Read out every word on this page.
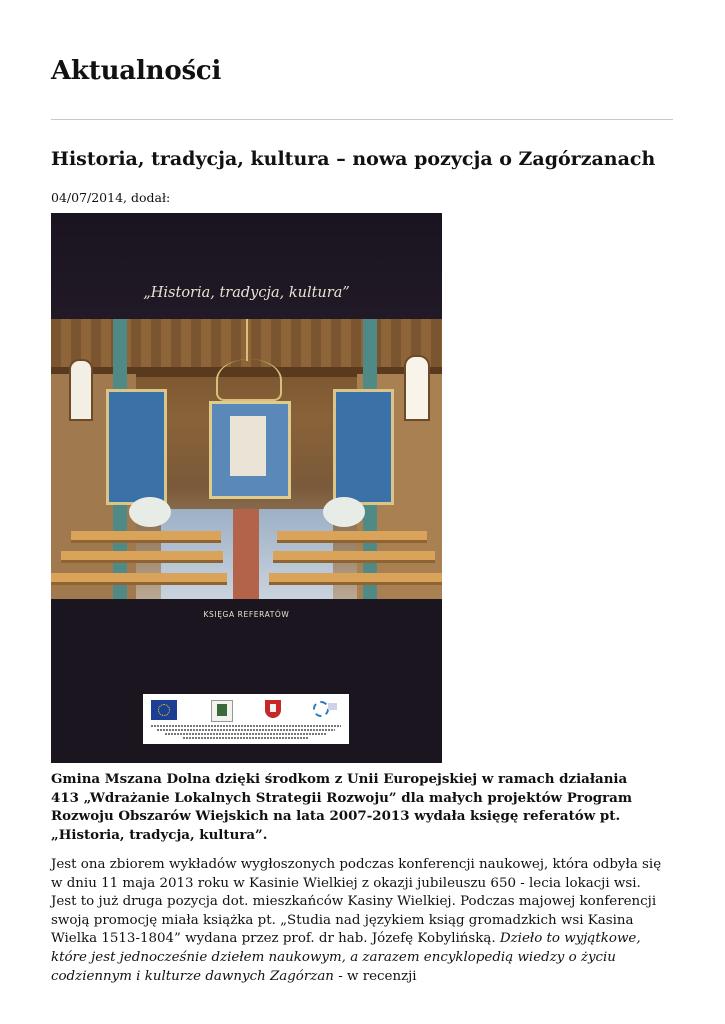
Aktualności
Historia, tradycja, kultura – nowa pozycja o Zagórzanach
04/07/2014, dodał:
„Historia, tradycja, kultura”
KSIĘGA REFERATÓW

Gmina Mszana Dolna dzięki środkom z Unii Europejskiej w ramach działania 413 „Wdrażanie Lokalnych Strategii Rozwoju” dla małych projektów Program Rozwoju Obszarów Wiejskich na lata 2007-2013 wydała księgę referatów pt. „Historia, tradycja, kultura”.

Jest ona zbiorem wykładów wygłoszonych podczas konferencji naukowej, która odbyła się w dniu 11 maja 2013 roku w Kasinie Wielkiej z okazji jubileuszu 650 - lecia lokacji wsi. Jest to już druga pozycja dot. mieszkańców Kasiny Wielkiej. Podczas majowej konferencji swoją promocję miała książka pt. „Studia nad językiem ksiąg gromadzkich wsi Kasina Wielka 1513-1804” wydana przez prof. dr hab. Józefę Kobylińską. Dzieło to wyjątkowe, które jest jednocześnie dziełem naukowym, a zarazem encyklopedią wiedzy o życiu codziennym i kulturze dawnych Zagórzan - w recenzji
